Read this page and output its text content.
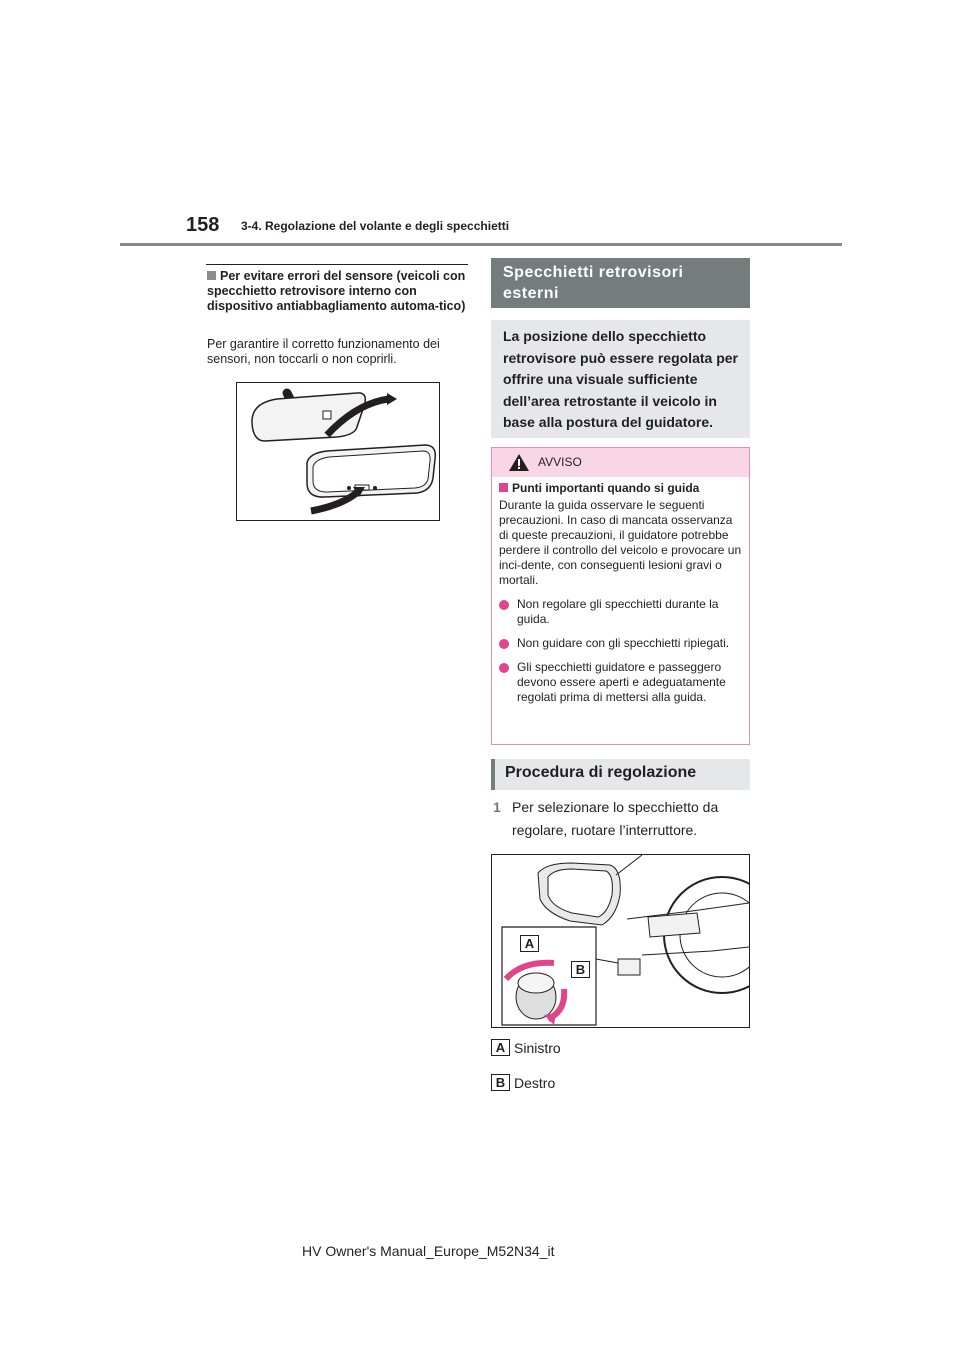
158 3-4. Regolazione del volante e degli specchietti
Per evitare errori del sensore (veicoli con specchietto retrovisore interno con dispositivo antiabbagliamento automa-tico)
Per garantire il corretto funzionamento dei sensori, non toccarli o non coprirli.
Specchietti retrovisori esterni
La posizione dello specchietto retrovisore può essere regolata per offrire una visuale sufficiente dell’area retrostante il veicolo in base alla postura del guidatore.
AVVISO
Punti importanti quando si guida
Durante la guida osservare le seguenti precauzioni. In caso di mancata osservanza di queste precauzioni, il guidatore potrebbe perdere il controllo del veicolo e provocare un inci-dente, con conseguenti lesioni gravi o mortali.
Non regolare gli specchietti durante la guida.
Non guidare con gli specchietti ripiegati.
Gli specchietti guidatore e passeggero devono essere aperti e adeguatamente regolati prima di mettersi alla guida.
Procedura di regolazione
1 Per selezionare lo specchietto da regolare, ruotare l’interruttore.
A
B
A Sinistro
B Destro
HV Owner's Manual_Europe_M52N34_it
